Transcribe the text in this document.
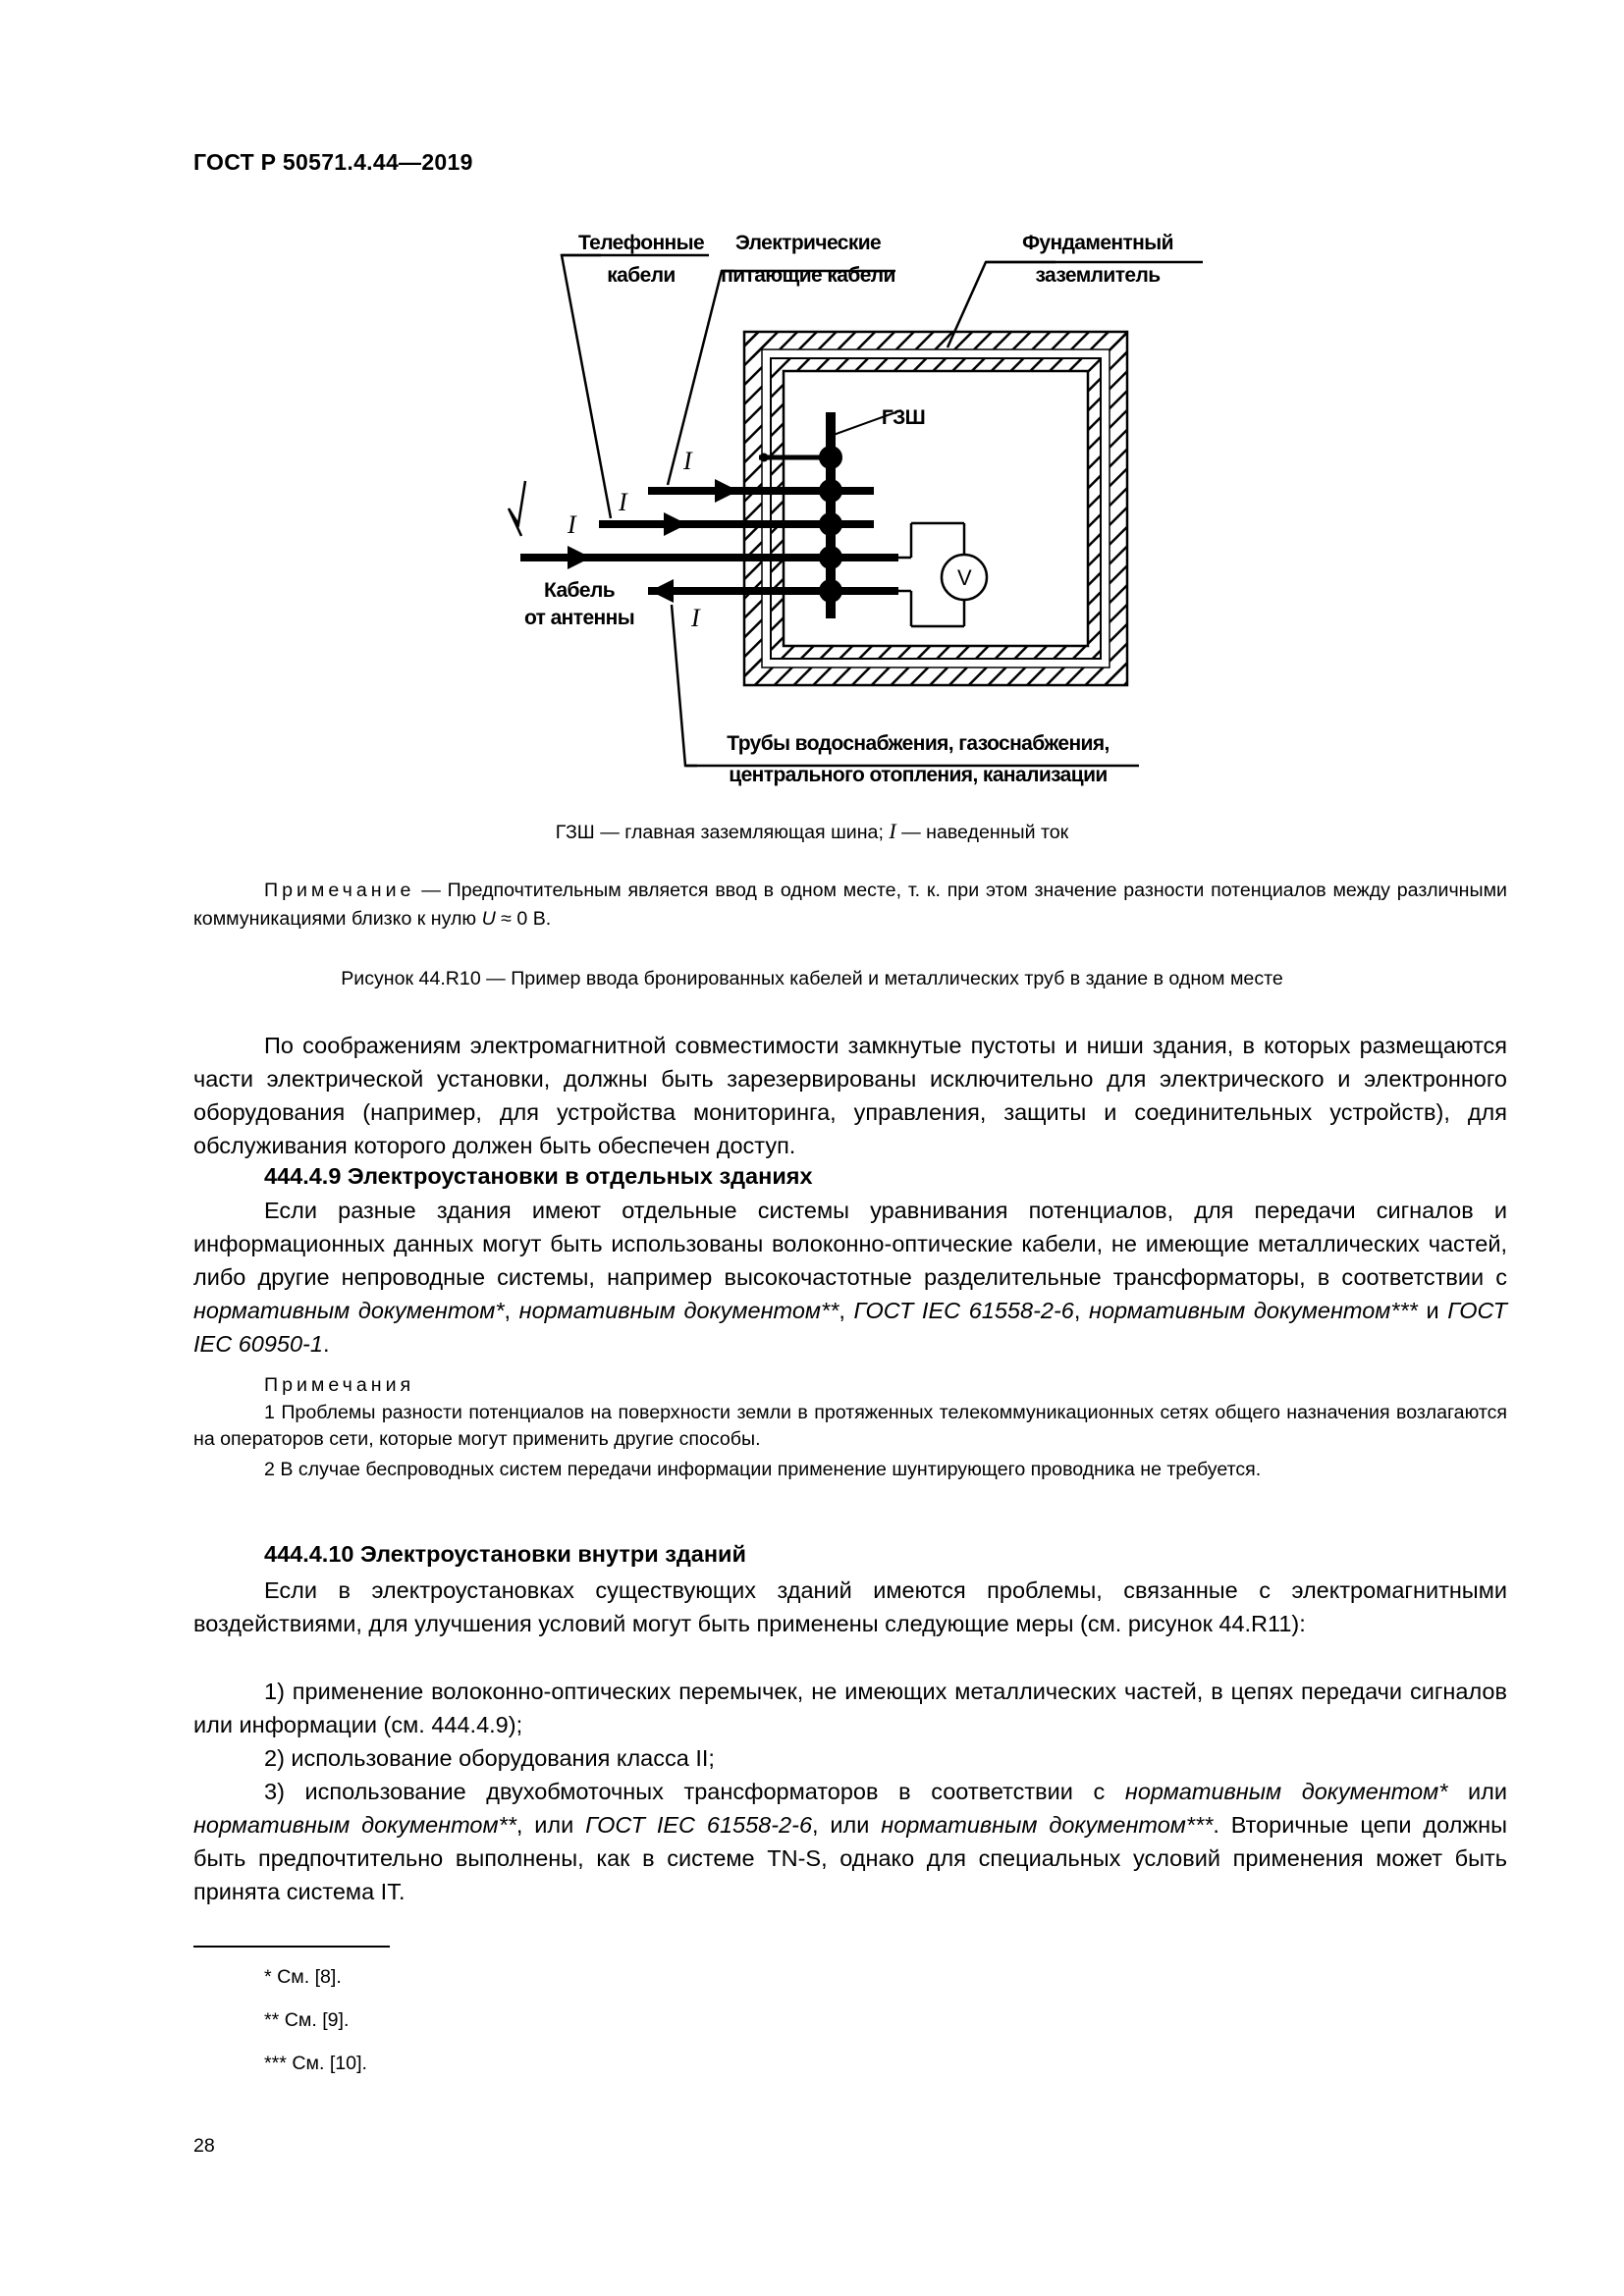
ГОСТ Р 50571.4.44—2019
V
Телефонные
кабели
Электрические
питающие кабели
Фундаментный
заземлитель
ГЗШ
Кабель
от антенны
Трубы водоснабжения, газоснабжения,
центрального отопления, канализации
I
I
I
I
ГЗШ — главная заземляющая шина; I — наведенный ток
Примечание — Предпочтительным является ввод в одном месте, т. к. при этом значение разности потенциалов между различными коммуникациями близко к нулю U ≈ 0 В.
Рисунок 44.R10 — Пример ввода бронированных кабелей и металлических труб в здание в одном месте
По соображениям электромагнитной совместимости замкнутые пустоты и ниши здания, в которых размещаются части электрической установки, должны быть зарезервированы исключительно для электрического и электронного оборудования (например, для устройства мониторинга, управления, защиты и соединительных устройств), для обслуживания которого должен быть обеспечен доступ.
444.4.9 Электроустановки в отдельных зданиях
Если разные здания имеют отдельные системы уравнивания потенциалов, для передачи сигналов и информационных данных могут быть использованы волоконно-оптические кабели, не имеющие металлических частей, либо другие непроводные системы, например высокочастотные разделительные трансформаторы, в соответствии с нормативным документом*, нормативным документом**, ГОСТ IEC 61558-2-6, нормативным документом*** и ГОСТ IEC 60950-1.
Примечания
1 Проблемы разности потенциалов на поверхности земли в протяженных телекоммуникационных сетях общего назначения возлагаются на операторов сети, которые могут применить другие способы.
2 В случае беспроводных систем передачи информации применение шунтирующего проводника не требуется.
444.4.10 Электроустановки внутри зданий
Если в электроустановках существующих зданий имеются проблемы, связанные с электромагнитными воздействиями, для улучшения условий могут быть применены следующие меры (см. рисунок 44.R11):
1) применение волоконно-оптических перемычек, не имеющих металлических частей, в цепях передачи сигналов или информации (см. 444.4.9);
2) использование оборудования класса II;
3) использование двухобмоточных трансформаторов в соответствии с нормативным документом* или нормативным документом**, или ГОСТ IEC 61558-2-6, или нормативным документом***. Вторичные цепи должны быть предпочтительно выполнены, как в системе TN-S, однако для специальных условий применения может быть принята система IT.
* См. [8].
** См. [9].
*** См. [10].
28
